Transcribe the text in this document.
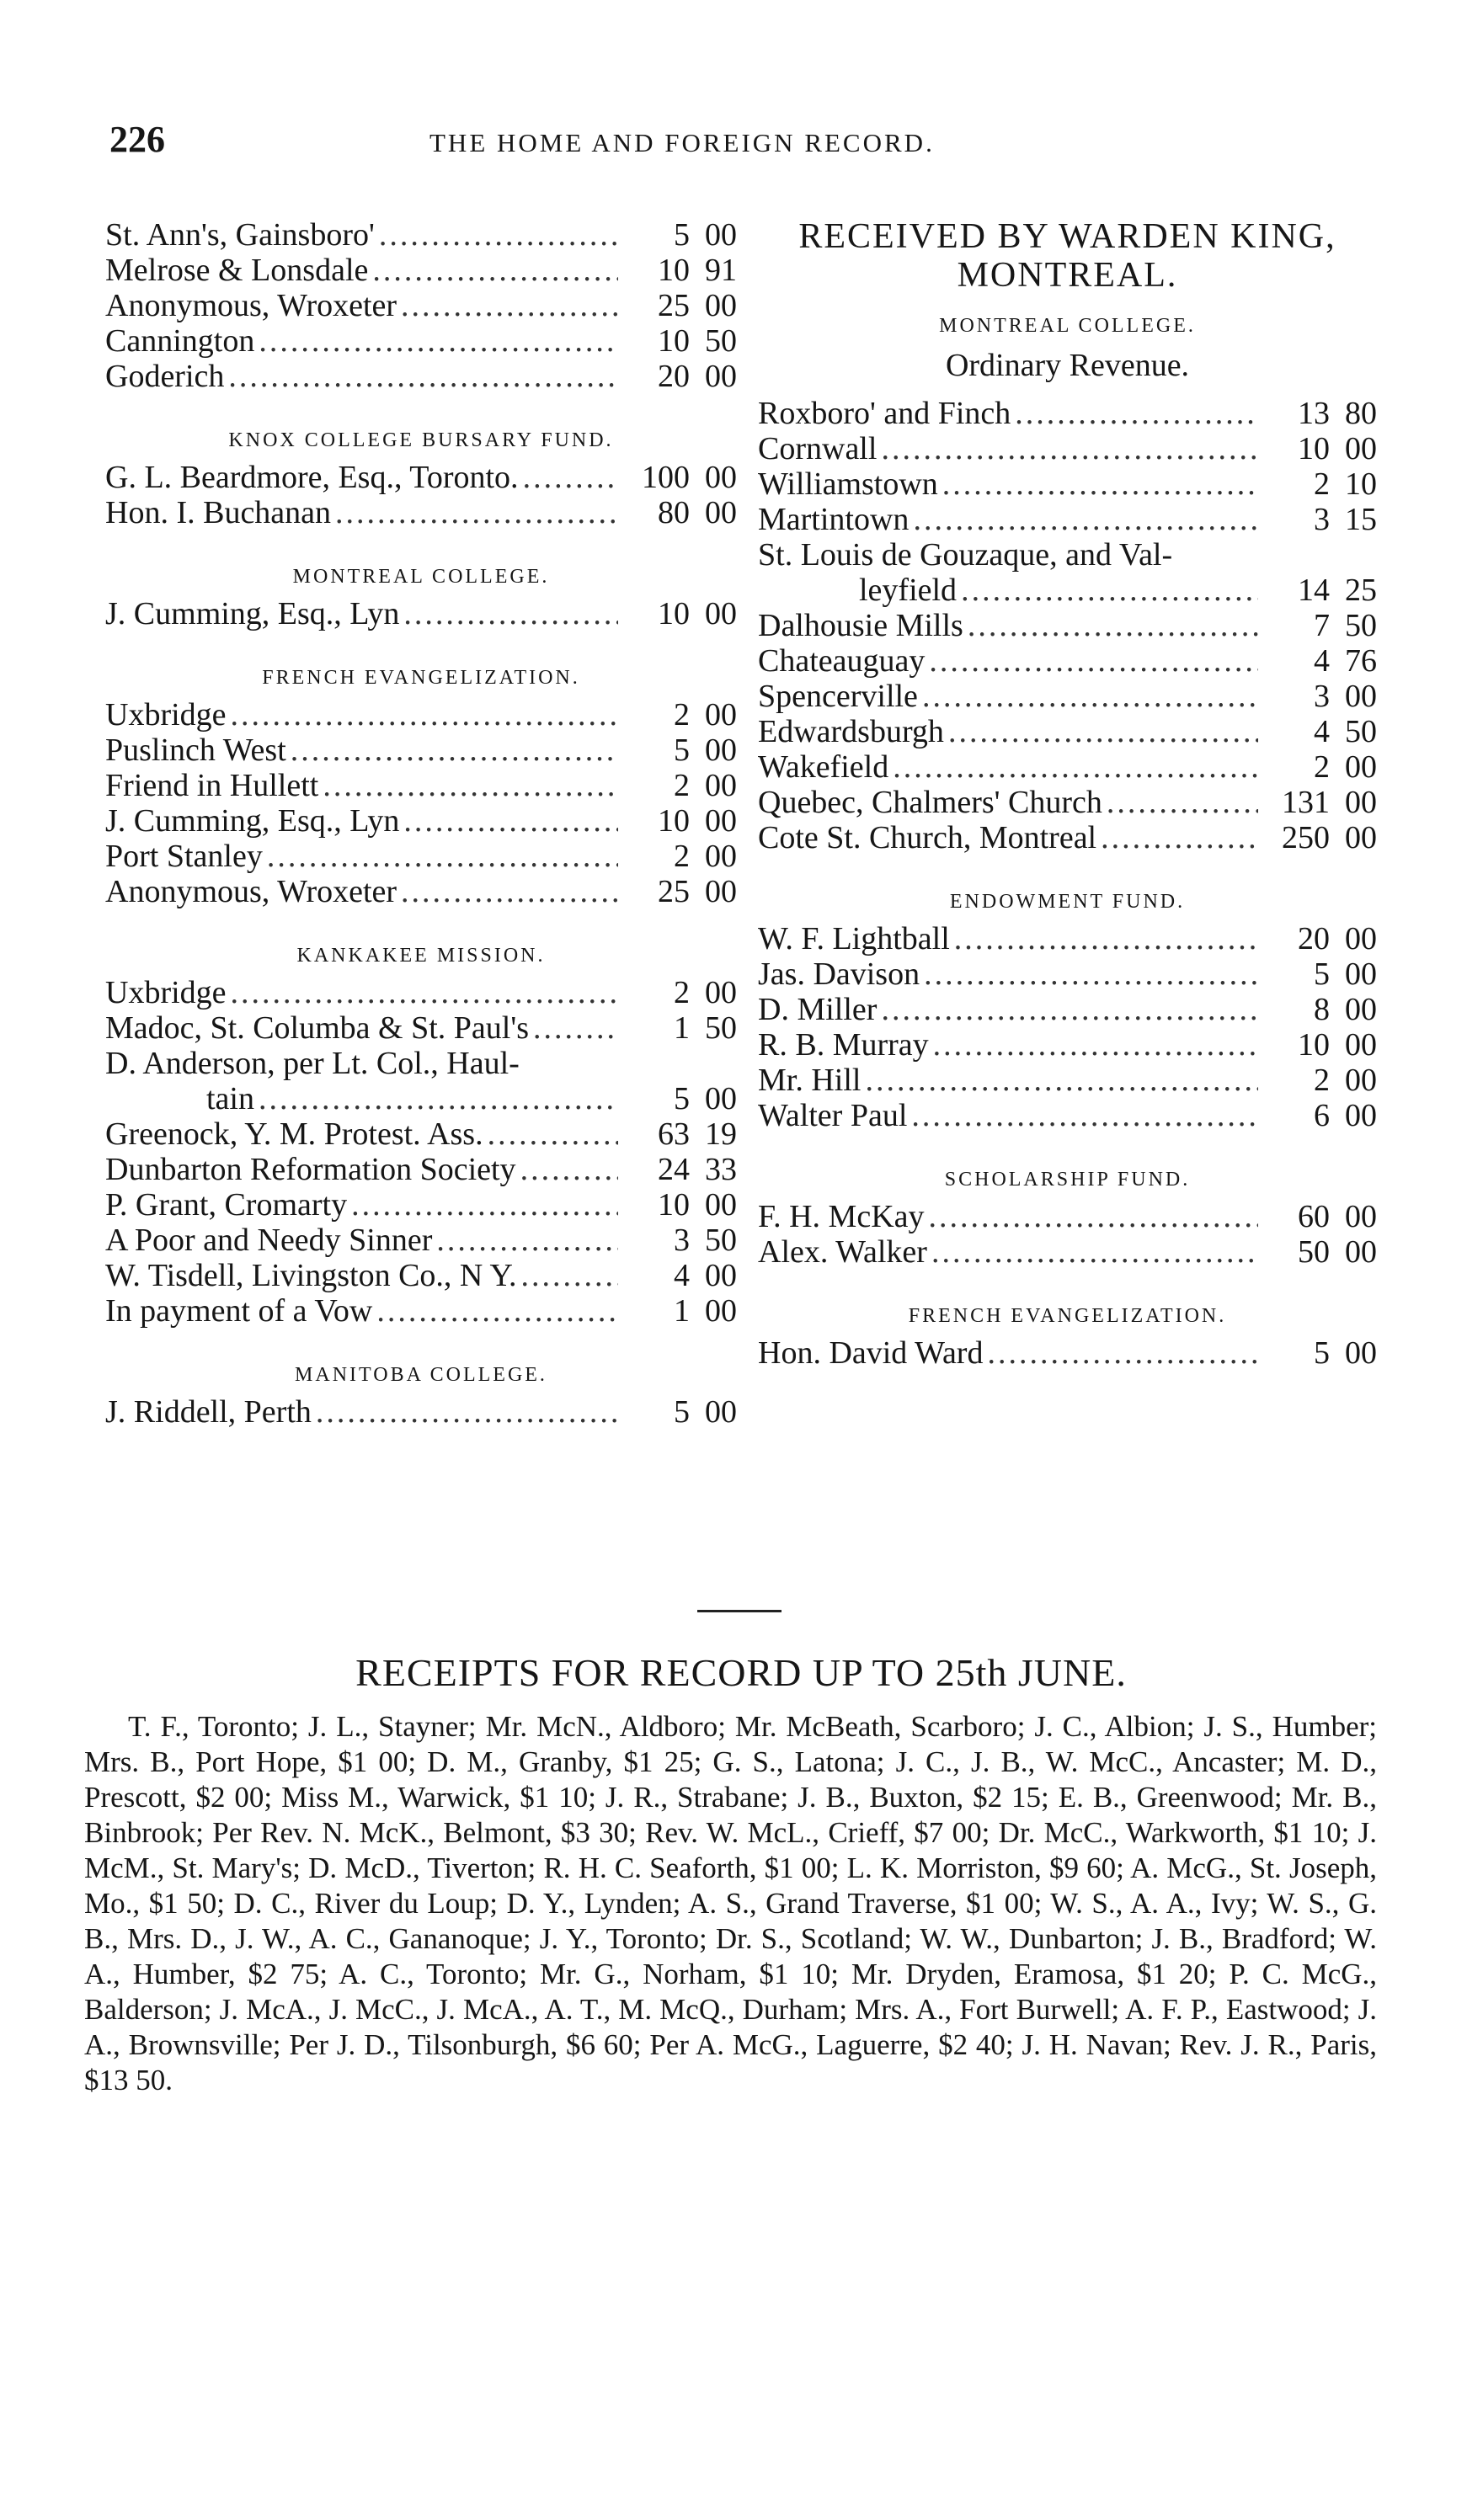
226	THE HOME AND FOREIGN RECORD.
St. Ann's, Gainsboro' .....	5 00
Melrose & Lonsdale .....	10 91
Anonymous, Wroxeter .....	25 00
Cannington .....	10 50
Goderich .....	20 00
KNOX COLLEGE BURSARY FUND.
G. L. Beardmore, Esq., Toronto. .....	100 00
Hon. I. Buchanan .....	80 00
MONTREAL COLLEGE.
J. Cumming, Esq., Lyn .....	10 00
FRENCH EVANGELIZATION.
Uxbridge .....	2 00
Puslinch West .....	5 00
Friend in Hullett .....	2 00
J. Cumming, Esq., Lyn .....	10 00
Port Stanley .....	2 00
Anonymous, Wroxeter .....	25 00
KANKAKEE MISSION.
Uxbridge .....	2 00
Madoc, St. Columba & St. Paul's .....	1 50
D. Anderson, per Lt. Col., Haul-
tain .....	5 00
Greenock, Y. M. Protest. Ass. .....	63 19
Dunbarton Reformation Society .....	24 33
P. Grant, Cromarty .....	10 00
A Poor and Needy Sinner .....	3 50
W. Tisdell, Livingston Co., N Y. .....	4 00
In payment of a Vow .....	1 00
MANITOBA COLLEGE.
J. Riddell, Perth .....	5 00
RECEIVED BY WARDEN KING,
MONTREAL.
MONTREAL COLLEGE.
Ordinary Revenue.
Roxboro' and Finch .....	13 80
Cornwall .....	10 00
Williamstown .....	2 10
Martintown .....	3 15
St. Louis de Gouzaque, and Val-
leyfield .....	14 25
Dalhousie Mills .....	7 50
Chateauguay .....	4 76
Spencerville .....	3 00
Edwardsburgh .....	4 50
Wakefield .....	2 00
Quebec, Chalmers' Church .....	131 00
Cote St. Church, Montreal .....	250 00
ENDOWMENT FUND.
W. F. Lightball .....	20 00
Jas. Davison .....	5 00
D. Miller .....	8 00
R. B. Murray .....	10 00
Mr. Hill .....	2 00
Walter Paul .....	6 00
SCHOLARSHIP FUND.
F. H. McKay .....	60 00
Alex. Walker .....	50 00
FRENCH EVANGELIZATION.
Hon. David Ward .....	5 00
RECEIPTS FOR RECORD UP TO 25th JUNE.
T. F., Toronto; J. L., Stayner; Mr. McN., Aldboro; Mr. McBeath, Scarboro; J. C., Albion; J. S., Humber; Mrs. B., Port Hope, $1 00; D. M., Granby, $1 25; G. S., Latona; J. C., J. B., W. McC., Ancaster; M. D., Prescott, $2 00; Miss M., Warwick, $1 10; J. R., Strabane; J. B., Buxton, $2 15; E. B., Greenwood; Mr. B., Binbrook; Per Rev. N. McK., Belmont, $3 30; Rev. W. McL., Crieff, $7 00; Dr. McC., Warkworth, $1 10; J. McM., St. Mary's; D. McD., Tiverton; R. H. C. Seaforth, $1 00; L. K. Morriston, $9 60; A. McG., St. Joseph, Mo., $1 50; D. C., River du Loup; D. Y., Lynden; A. S., Grand Traverse, $1 00; W. S., A. A., Ivy; W. S., G. B., Mrs. D., J. W., A. C., Gananoque; J. Y., Toronto; Dr. S., Scotland; W. W., Dunbarton; J. B., Bradford; W. A., Humber, $2 75; A. C., Toronto; Mr. G., Norham, $1 10; Mr. Dryden, Eramosa, $1 20; P. C. McG., Balderson; J. McA., J. McC., J. McA., A. T., M. McQ., Durham; Mrs. A., Fort Burwell; A. F. P., Eastwood; J. A., Brownsville; Per J. D., Tilsonburgh, $6 60; Per A. McG., Laguerre, $2 40; J. H. Navan; Rev. J. R., Paris, $13 50.
